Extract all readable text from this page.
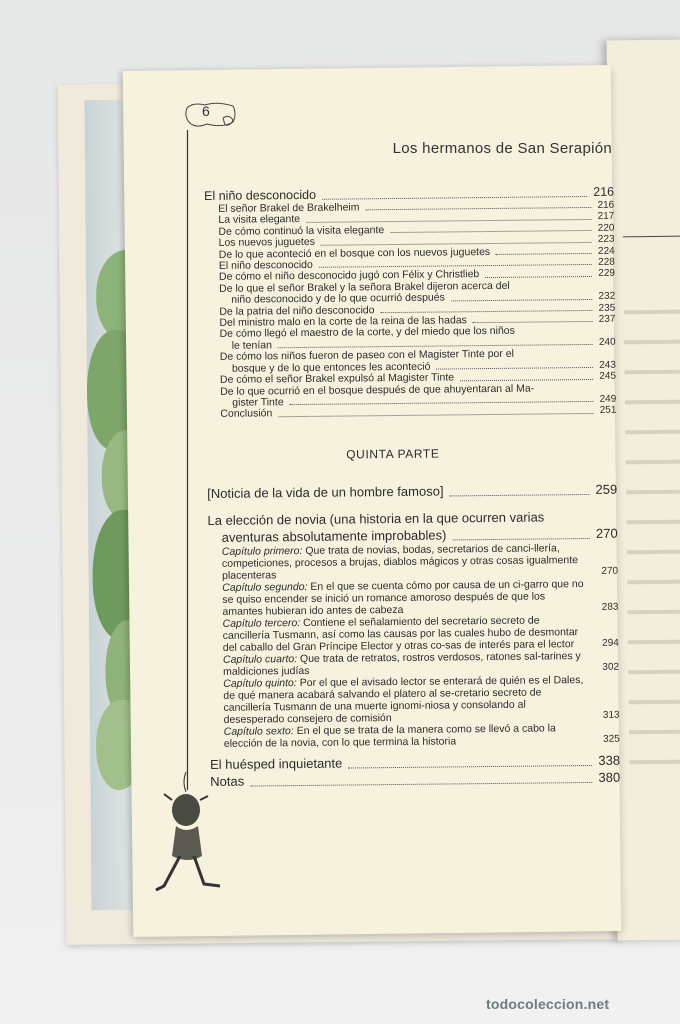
6
Los hermanos de San Serapión
El niño desconocido	216
El señor Brakel de Brakelheim	216
La visita elegante	217
De cómo continuó la visita elegante	220
Los nuevos juguetes	223
De lo que aconteció en el bosque con los nuevos juguetes	224
El niño desconocido	228
De cómo el niño desconocido jugó con Félix y Christlieb	229
De lo que el señor Brakel y la señora Brakel dijeron acerca del
niño desconocido y de lo que ocurrió después	232
De la patria del niño desconocido	235
Del ministro malo en la corte de la reina de las hadas	237
De cómo llegó el maestro de la corte, y del miedo que los niños
le tenían	240
De cómo los niños fueron de paseo con el Magister Tinte por el
bosque y de lo que entonces les aconteció	243
De cómo el señor Brakel expulsó al Magister Tinte	245
De lo que ocurrió en el bosque después de que ahuyentaran al Ma-
gister Tinte	249
Conclusión	251
QUINTA PARTE
[Noticia de la vida de un hombre famoso]	259
La elección de novia (una historia en la que ocurren varias
aventuras absolutamente improbables)	270
Capítulo primero: Que trata de novias, bodas, secretarios de canci-llería, competiciones, procesos a brujas, diablos mágicos y otras cosas igualmente placenteras	270
Capítulo segundo: En el que se cuenta cómo por causa de un ci-garro que no se quiso encender se inició un romance amoroso después de que los amantes hubieran ido antes de cabeza	283
Capítulo tercero: Contiene el señalamiento del secretario secreto de cancillería Tusmann, así como las causas por las cuales hubo de desmontar del caballo del Gran Príncipe Elector y otras co-sas de interés para el lector	294
Capítulo cuarto: Que trata de retratos, rostros verdosos, ratones sal-tarines y maldiciones judías	302
Capítulo quinto: Por el que el avisado lector se enterará de quién es el Dales, de qué manera acabará salvando el platero al se-cretario secreto de cancillería Tusmann de una muerte ignomi-niosa y consolando al desesperado consejero de comisión	313
Capítulo sexto: En el que se trata de la manera como se llevó a cabo la elección de la novia, con lo que termina la historia	325
El huésped inquietante	338
Notas	380
todocoleccion.net
